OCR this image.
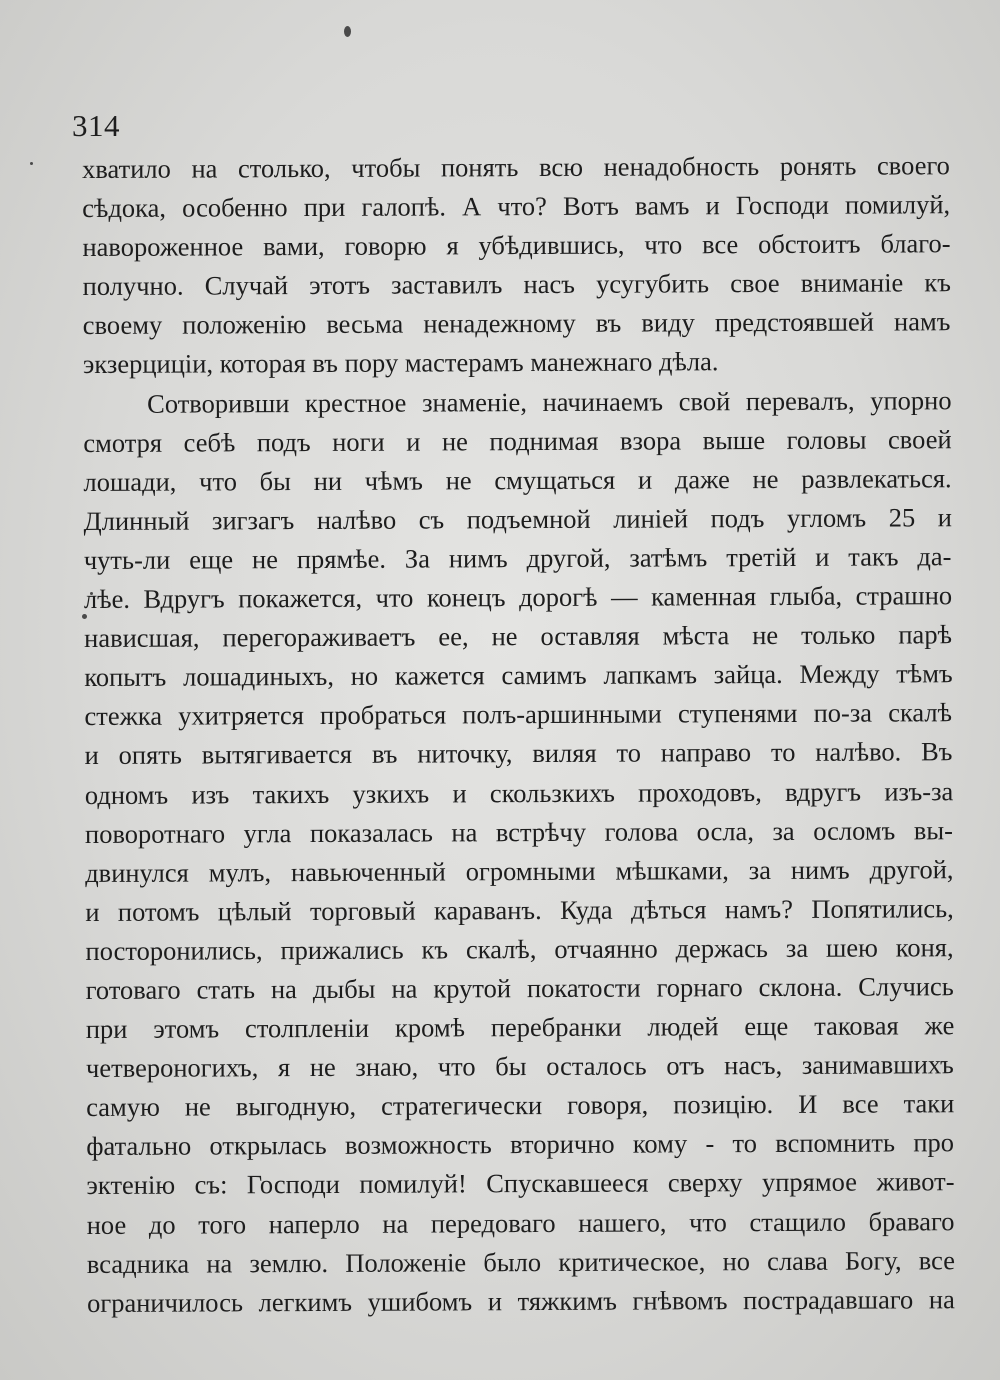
314
хватило на столько, чтобы понять всю ненадобность ронять своего
сѣдока, особенно при галопѣ. А что? Вотъ вамъ и Господи помилуй,
навороженное вами, говорю я убѣдившись, что все обстоитъ благо-
получно. Случай этотъ заставилъ насъ усугубить свое вниманіе къ
своему положенію весьма ненадежному въ виду предстоявшей намъ
экзерциціи, которая въ пору мастерамъ манежнаго дѣла.
Сотворивши крестное знаменіе, начинаемъ свой перевалъ, упорно
смотря себѣ подъ ноги и не поднимая взора выше головы своей
лошади, что бы ни чѣмъ не смущаться и даже не развлекаться.
Длинный зигзагъ налѣво съ подъемной линіей подъ угломъ 25 и
чуть-ли еще не прямѣе. За нимъ другой, затѣмъ третій и такъ да-
лѣе. Вдругъ покажется, что конецъ дорогѣ — каменная глыба, страшно
нависшая, перегораживаетъ ее, не оставляя мѣста не только парѣ
копытъ лошадиныхъ, но кажется самимъ лапкамъ зайца. Между тѣмъ
стежка ухитряется пробраться полъ-аршинными ступенями по-за скалѣ
и опять вытягивается въ ниточку, виляя то направо то налѣво. Въ
одномъ изъ такихъ узкихъ и скользкихъ проходовъ, вдругъ изъ-за
поворотнаго угла показалась на встрѣчу голова осла, за осломъ вы-
двинулся мулъ, навьюченный огромными мѣшками, за нимъ другой,
и потомъ цѣлый торговый караванъ. Куда дѣться намъ? Попятились,
посторонились, прижались къ скалѣ, отчаянно держась за шею коня,
готоваго стать на дыбы на крутой покатости горнаго склона. Случись
при этомъ столпленіи кромѣ перебранки людей еще таковая же
четвероногихъ, я не знаю, что бы осталось отъ насъ, занимавшихъ
самую не выгодную, стратегически говоря, позицію. И все таки
фатально открылась возможность вторично кому - то вспомнить про
эктенію съ: Господи помилуй! Спускавшееся сверху упрямое живот-
ное до того наперло на передоваго нашего, что стащило браваго
всадника на землю. Положеніе было критическое, но слава Богу, все
ограничилось легкимъ ушибомъ и тяжкимъ гнѣвомъ пострадавшаго на
